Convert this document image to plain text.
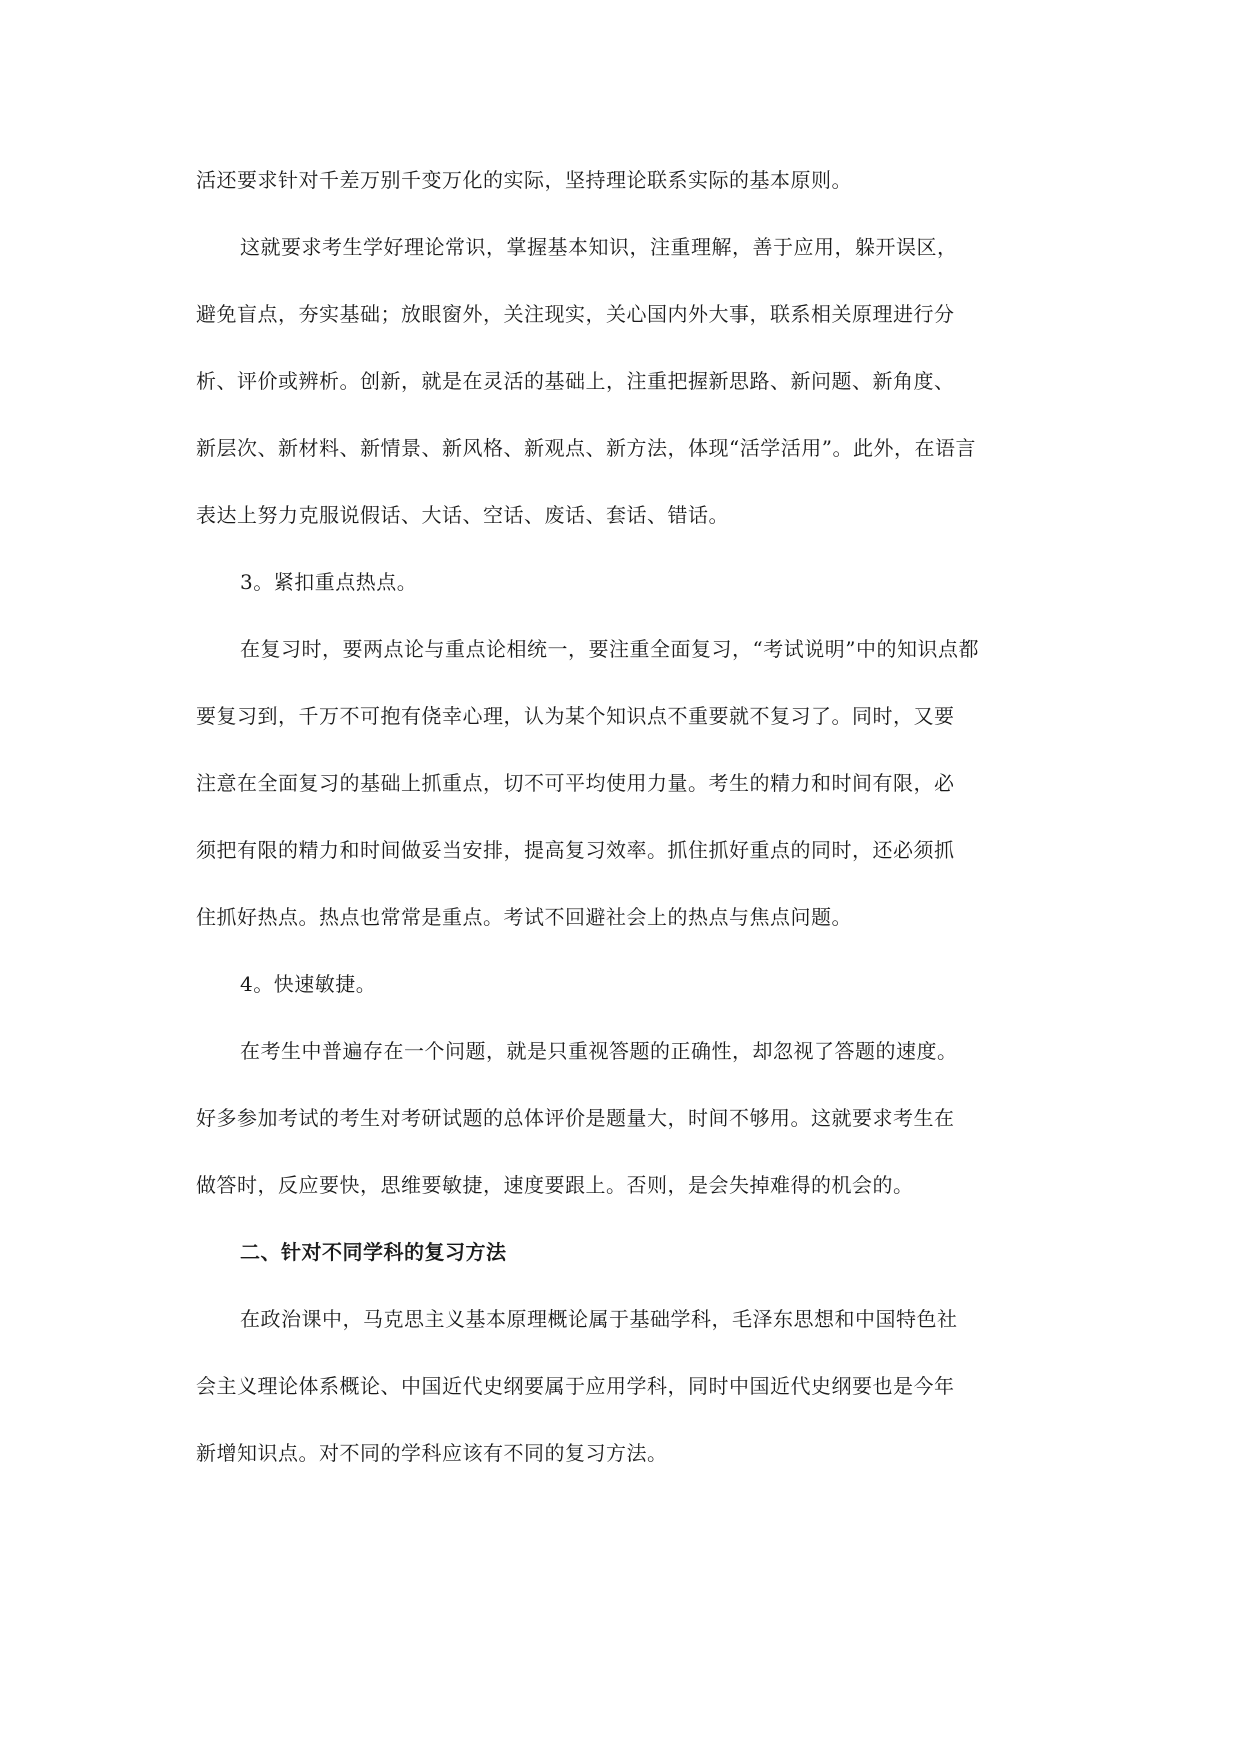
活还要求针对千差万别千变万化的实际，坚持理论联系实际的基本原则。
这就要求考生学好理论常识，掌握基本知识，注重理解，善于应用，躲开误区，
避免盲点，夯实基础；放眼窗外，关注现实，关心国内外大事，联系相关原理进行分
析、评价或辨析。创新，就是在灵活的基础上，注重把握新思路、新问题、新角度、
新层次、新材料、新情景、新风格、新观点、新方法，体现“活学活用”。此外，在语言
表达上努力克服说假话、大话、空话、废话、套话、错话。
3。紧扣重点热点。
在复习时，要两点论与重点论相统一，要注重全面复习，“考试说明”中的知识点都
要复习到，千万不可抱有侥幸心理，认为某个知识点不重要就不复习了。同时，又要
注意在全面复习的基础上抓重点，切不可平均使用力量。考生的精力和时间有限，必
须把有限的精力和时间做妥当安排，提高复习效率。抓住抓好重点的同时，还必须抓
住抓好热点。热点也常常是重点。考试不回避社会上的热点与焦点问题。
4。快速敏捷。
在考生中普遍存在一个问题，就是只重视答题的正确性，却忽视了答题的速度。
好多参加考试的考生对考研试题的总体评价是题量大，时间不够用。这就要求考生在
做答时，反应要快，思维要敏捷，速度要跟上。否则，是会失掉难得的机会的。
二、针对不同学科的复习方法
在政治课中，马克思主义基本原理概论属于基础学科，毛泽东思想和中国特色社
会主义理论体系概论、中国近代史纲要属于应用学科，同时中国近代史纲要也是今年
新增知识点。对不同的学科应该有不同的复习方法。
